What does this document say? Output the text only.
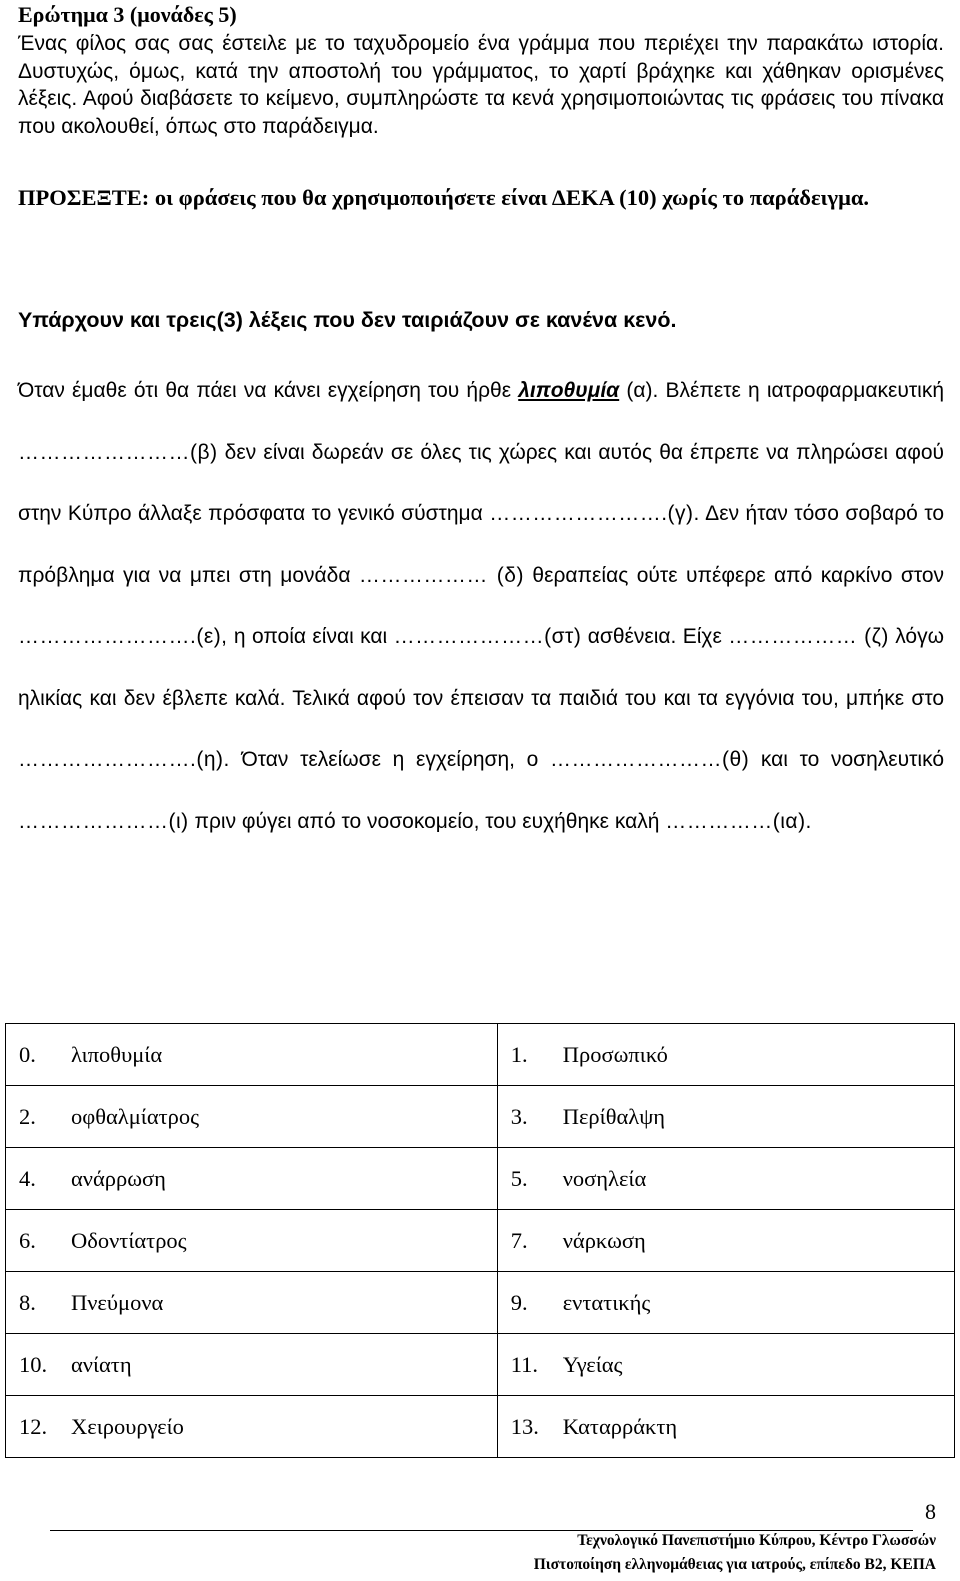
Ερώτημα 3 (μονάδες 5)
Ένας φίλος σας σας έστειλε με το ταχυδρομείο ένα γράμμα που περιέχει την παρακάτω ιστορία. Δυστυχώς, όμως, κατά την αποστολή του γράμματος, το χαρτί βράχηκε και χάθηκαν ορισμένες λέξεις. Αφού διαβάσετε το κείμενο, συμπληρώστε τα κενά χρησιμοποιώντας τις φράσεις του πίνακα που ακολουθεί, όπως στο παράδειγμα.
ΠΡΟΣΕΞΤΕ: οι φράσεις που θα χρησιμοποιήσετε είναι ΔΕΚΑ (10) χωρίς το παράδειγμα.
Υπάρχουν και τρεις(3) λέξεις που δεν ταιριάζουν σε κανένα κενό.
Όταν έμαθε ότι θα πάει να κάνει εγχείρηση του ήρθε λιποθυμία (α). Βλέπετε η ιατροφαρμακευτική ……………………(β) δεν είναι δωρεάν σε όλες τις χώρες και αυτός θα έπρεπε να πληρώσει αφού στην Κύπρο άλλαξε πρόσφατα το γενικό σύστημα …………………….(γ). Δεν ήταν τόσο σοβαρό το πρόβλημα για να μπει στη μονάδα ……………… (δ) θεραπείας ούτε υπέφερε από καρκίνο στον …………………….(ε), η οποία είναι και …………………(στ) ασθένεια. Είχε ……………… (ζ) λόγω ηλικίας και δεν έβλεπε καλά. Τελικά αφού τον έπεισαν τα παιδιά του και τα εγγόνια του, μπήκε στο …………………….(η). Όταν τελείωσε η εγχείρηση, ο ……………………(θ) και το νοσηλευτικό …………………(ι) πριν φύγει από το νοσοκομείο, του ευχήθηκε καλή ……………(ια).
0. λιποθυμία	1. Προσωπικό

2. οφθαλμίατρος	3. Περίθαλψη

4. ανάρρωση	5. νοσηλεία

6. Οδοντίατρος	7. νάρκωση

8. Πνεύμονα	9. εντατικής

10. ανίατη	11. Υγείας

12. Χειρουργείο	13. Καταρράκτη
8
Τεχνολογικό Πανεπιστήμιο Κύπρου, Κέντρο Γλωσσών
Πιστοποίηση ελληνομάθειας για ιατρούς, επίπεδο Β2, ΚΕΠΑ
